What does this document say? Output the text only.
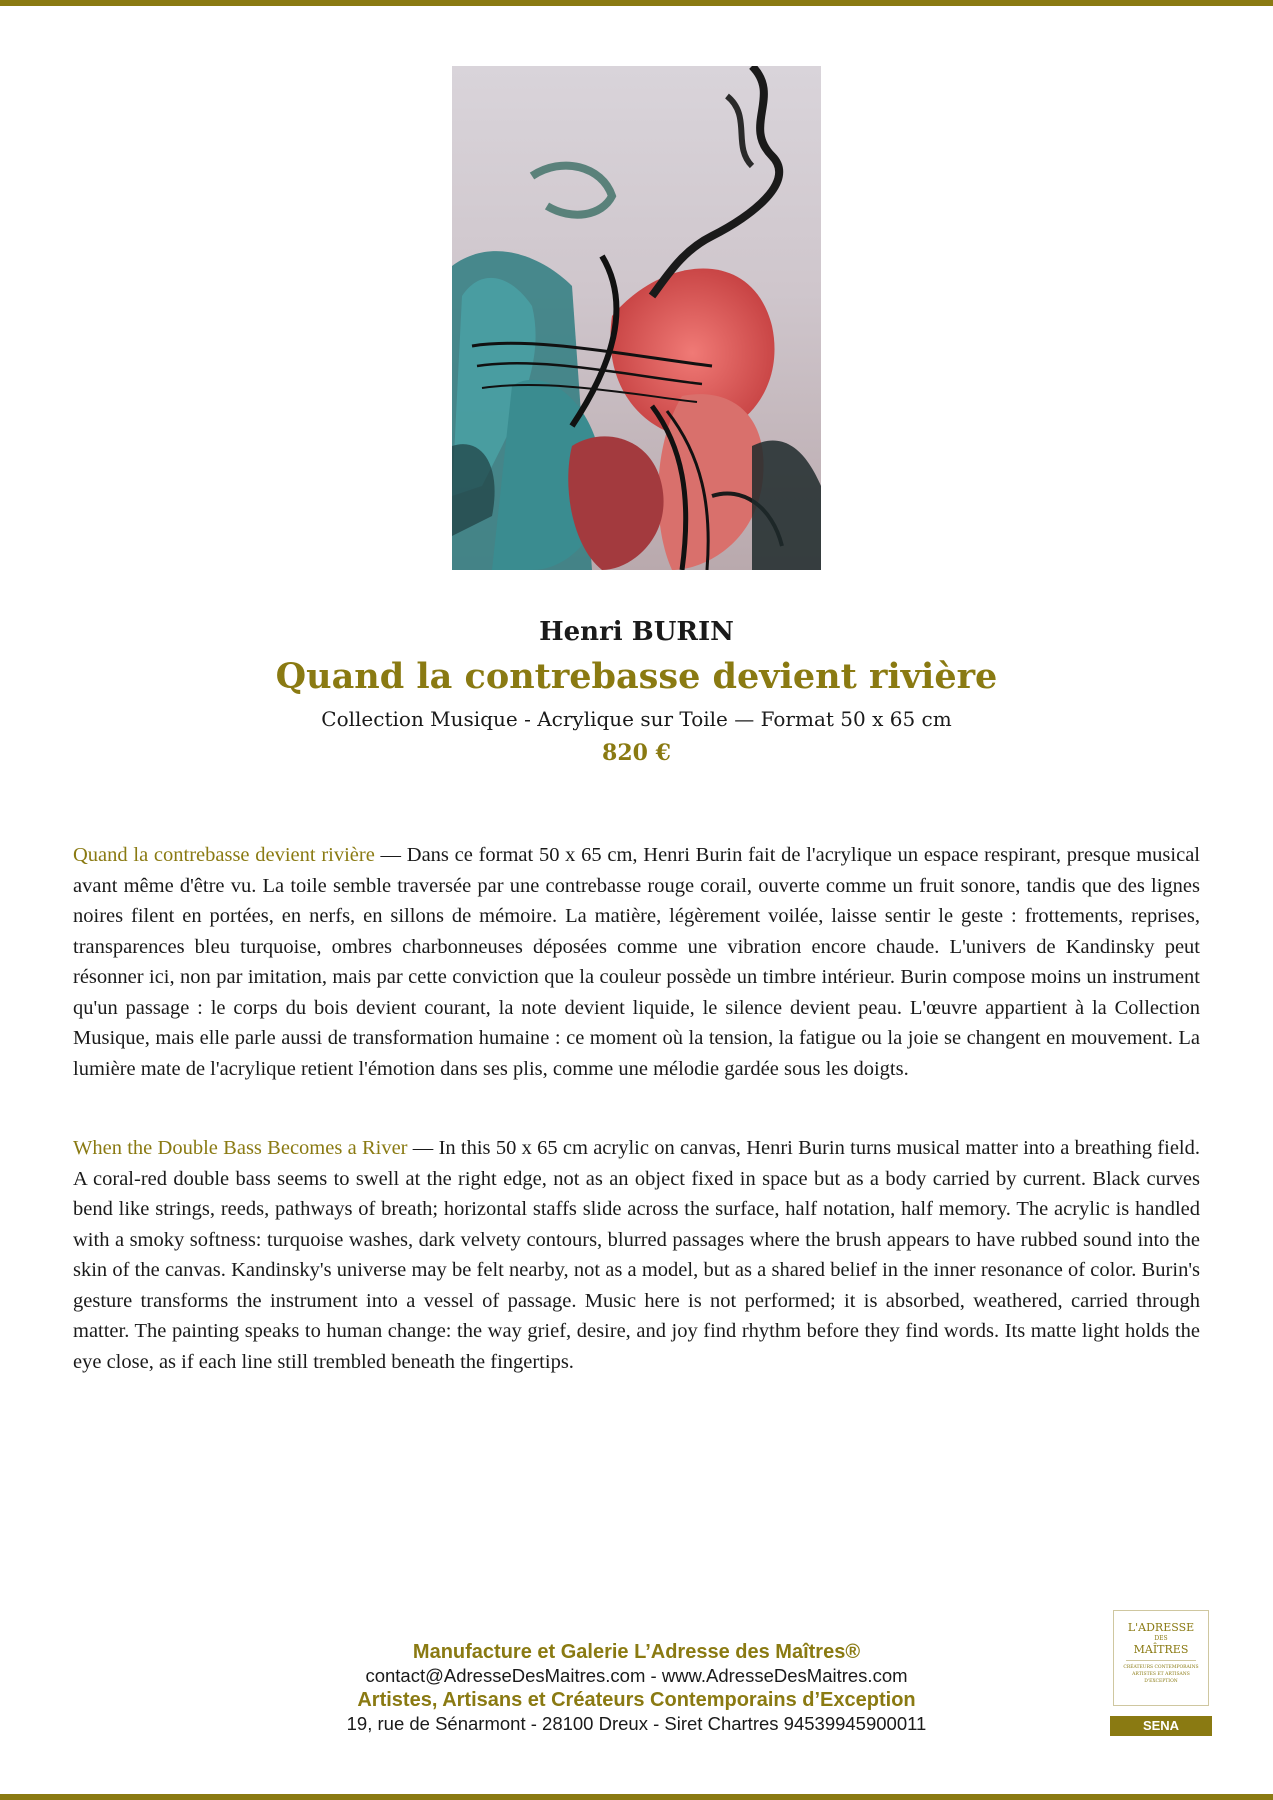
Henri BURIN
Quand la contrebasse devient rivière
Collection Musique - Acrylique sur Toile — Format 50 x 65 cm
820 €

Quand la contrebasse devient rivière — Dans ce format 50 x 65 cm, Henri Burin fait de l'acrylique un espace respirant, presque musical avant même d'être vu. La toile semble traversée par une contrebasse rouge corail, ouverte comme un fruit sonore, tandis que des lignes noires filent en portées, en nerfs, en sillons de mémoire. La matière, légèrement voilée, laisse sentir le geste : frottements, reprises, transparences bleu turquoise, ombres charbonneuses déposées comme une vibration encore chaude. L'univers de Kandinsky peut résonner ici, non par imitation, mais par cette conviction que la couleur possède un timbre intérieur. Burin compose moins un instrument qu'un passage : le corps du bois devient courant, la note devient liquide, le silence devient peau. L'œuvre appartient à la Collection Musique, mais elle parle aussi de transformation humaine : ce moment où la tension, la fatigue ou la joie se changent en mouvement. La lumière mate de l'acrylique retient l'émotion dans ses plis, comme une mélodie gardée sous les doigts.

When the Double Bass Becomes a River — In this 50 x 65 cm acrylic on canvas, Henri Burin turns musical matter into a breathing field. A coral-red double bass seems to swell at the right edge, not as an object fixed in space but as a body carried by current. Black curves bend like strings, reeds, pathways of breath; horizontal staffs slide across the surface, half notation, half memory. The acrylic is handled with a smoky softness: turquoise washes, dark velvety contours, blurred passages where the brush appears to have rubbed sound into the skin of the canvas. Kandinsky's universe may be felt nearby, not as a model, but as a shared belief in the inner resonance of color. Burin's gesture transforms the instrument into a vessel of passage. Music here is not performed; it is absorbed, weathered, carried through matter. The painting speaks to human change: the way grief, desire, and joy find rhythm before they find words. Its matte light holds the eye close, as if each line still trembled beneath the fingertips.

Manufacture et Galerie L’Adresse des Maîtres®
contact@AdresseDesMaitres.com - www.AdresseDesMaitres.com
Artistes, Artisans et Créateurs Contemporains d’Exception
19, rue de Sénarmont - 28100 Dreux - Siret Chartres 94539945900011
L'ADRESSE
DES
MAÎTRES
CRÉATEURS CONTEMPORAINS ARTISTES ET ARTISANS D'EXCEPTION
SENA
